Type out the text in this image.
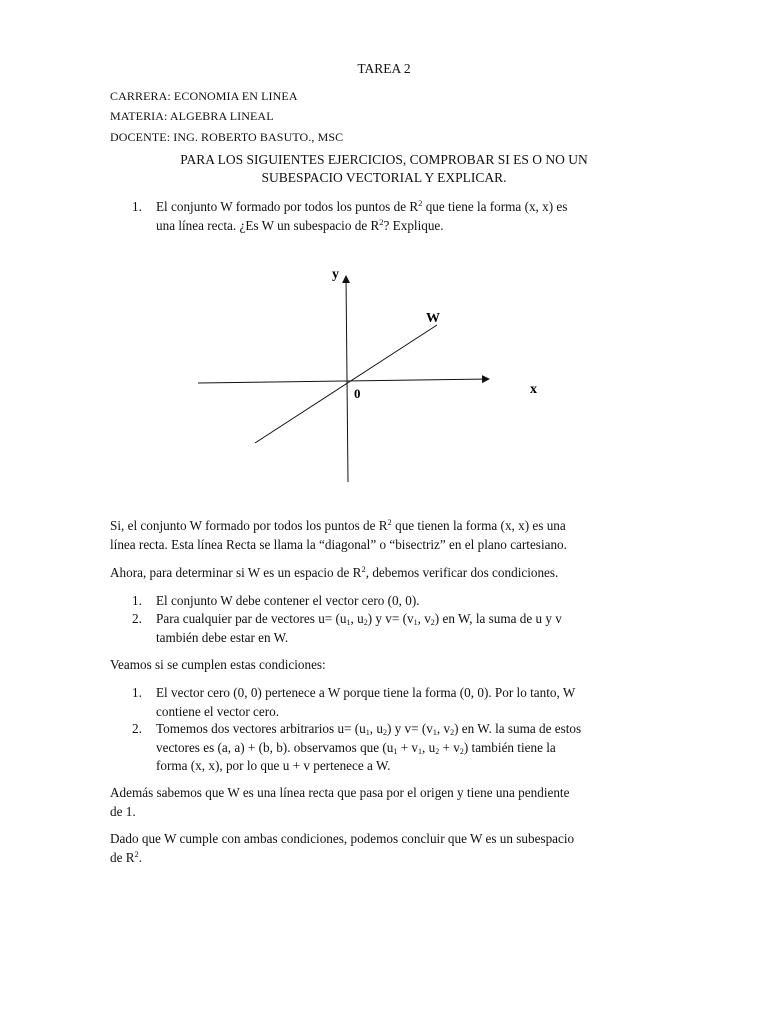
TAREA 2
CARRERA: ECONOMIA EN LINEA
MATERIA: ALGEBRA LINEAL
DOCENTE: ING. ROBERTO BASUTO., MSC
PARA LOS SIGUIENTES EJERCICIOS, COMPROBAR SI ES O NO UN
SUBESPACIO VECTORIAL Y EXPLICAR.
1. El conjunto W formado por todos los puntos de $R^2$ que tiene la forma (x, x) es
una línea recta. ¿Es W un subespacio de $R^2$? Explique.
y
x
W
0
Si, el conjunto W formado por todos los puntos de $R^2$ que tienen la forma (x, x) es una
línea recta. Esta línea Recta se llama la “diagonal” o “bisectriz” en el plano cartesiano.
Ahora, para determinar si W es un espacio de $R^2$, debemos verificar dos condiciones.
1. El conjunto W debe contener el vector cero (0, 0).
2. Para cualquier par de vectores $u= (u_1$, $u_2$) y $v= (v_1$, $v_2$) en W, la suma de u y v
también debe estar en W.
Veamos si se cumplen estas condiciones:
1. El vector cero (0, 0) pertenece a W porque tiene la forma (0, 0). Por lo tanto, W
contiene el vector cero.
2. Tomemos dos vectores arbitrarios $u= (u_1$, $u_2$) y $v= (v_1$, $v_2$) en W. la suma de estos
vectores es (a, a) + (b, b). observamos que ($u_1 + v_1$, $u_2 + v_2$) también tiene la
forma (x, x), por lo que u + v pertenece a W.
Además sabemos que W es una línea recta que pasa por el origen y tiene una pendiente
de 1.
Dado que W cumple con ambas condiciones, podemos concluir que W es un subespacio
de $R^2$.
